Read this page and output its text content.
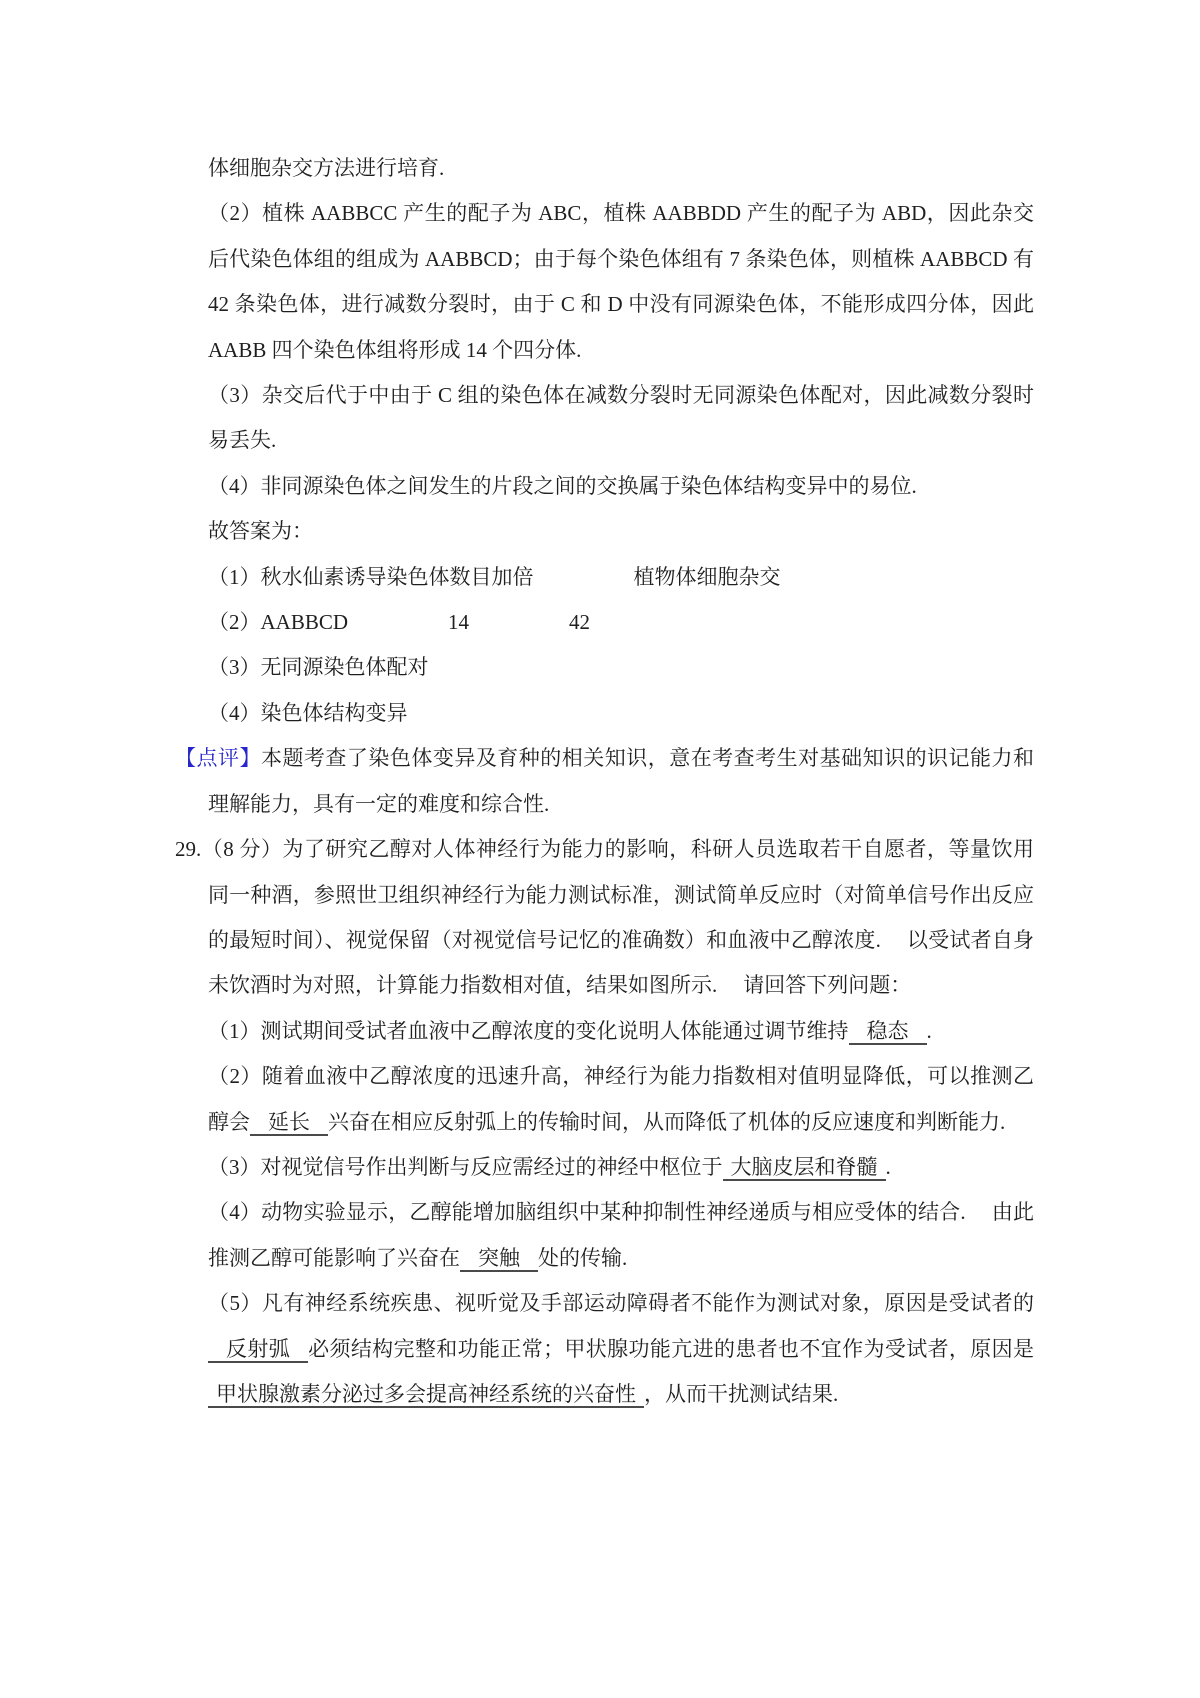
体细胞杂交方法进行培育.

（2）植株 AABBCC 产生的配子为 ABC，植株 AABBDD 产生的配子为 ABD，因此杂交后代染色体组的组成为 AABBCD；由于每个染色体组有 7 条染色体，则植株 AABBCD 有 42 条染色体，进行减数分裂时，由于 C 和 D 中没有同源染色体，不能形成四分体，因此 AABB 四个染色体组将形成 14 个四分体.

（3）杂交后代于中由于 C 组的染色体在减数分裂时无同源染色体配对，因此减数分裂时易丢失.

（4）非同源染色体之间发生的片段之间的交换属于染色体结构变异中的易位.

故答案为：

（1）秋水仙素诱导染色体数目加倍	植物体细胞杂交

（2）AABBCD	14	42

（3）无同源染色体配对

（4）染色体结构变异

【点评】本题考查了染色体变异及育种的相关知识，意在考查考生对基础知识的识记能力和理解能力，具有一定的难度和综合性.

29.（8 分）为了研究乙醇对人体神经行为能力的影响，科研人员选取若干自愿者，等量饮用同一种酒，参照世卫组织神经行为能力测试标准，测试简单反应时（对简单信号作出反应的最短时间）、视觉保留（对视觉信号记忆的准确数）和血液中乙醇浓度. 以受试者自身未饮酒时为对照，计算能力指数相对值，结果如图所示. 请回答下列问题：

（1）测试期间受试者血液中乙醇浓度的变化说明人体能通过调节维持 稳态 .

（2）随着血液中乙醇浓度的迅速升高，神经行为能力指数相对值明显降低，可以推测乙醇会 延长 兴奋在相应反射弧上的传输时间，从而降低了机体的反应速度和判断能力.

（3）对视觉信号作出判断与反应需经过的神经中枢位于 大脑皮层和脊髓 .

（4）动物实验显示，乙醇能增加脑组织中某种抑制性神经递质与相应受体的结合. 由此推测乙醇可能影响了兴奋在 突触 处的传输.

（5）凡有神经系统疾患、视听觉及手部运动障碍者不能作为测试对象，原因是受试者的反射弧 必须结构完整和功能正常；甲状腺功能亢进的患者也不宜作为受试者，原因是甲状腺激素分泌过多会提高神经系统的兴奋性 ，从而干扰测试结果.
